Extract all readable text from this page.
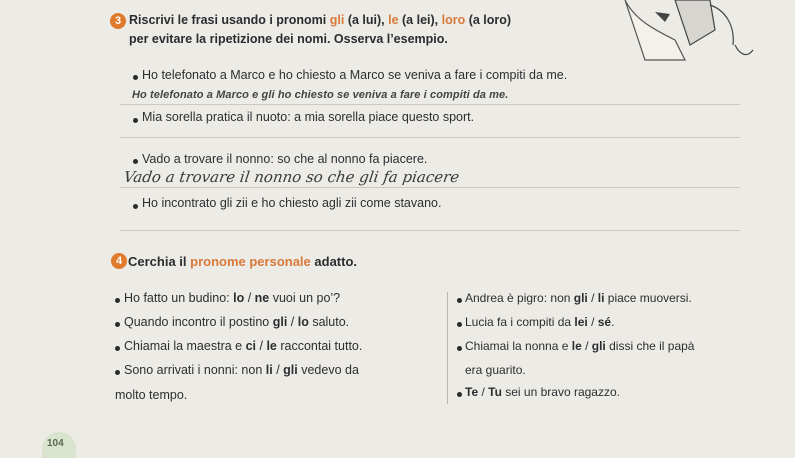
3 Riscrivi le frasi usando i pronomi gli (a lui), le (a lei), loro (a loro)
per evitare la ripetizione dei nomi. Osserva l’esempio.
Ho telefonato a Marco e ho chiesto a Marco se veniva a fare i compiti da me.
Ho telefonato a Marco e gli ho chiesto se veniva a fare i compiti da me.
Mia sorella pratica il nuoto: a mia sorella piace questo sport.
Vado a trovare il nonno: so che al nonno fa piacere.
Vado a trovare il nonno so che gli fa piacere
Ho incontrato gli zii e ho chiesto agli zii come stavano.
4 Cerchia il pronome personale adatto.
Ho fatto un budino: lo / ne vuoi un po’?
Quando incontro il postino gli / lo saluto.
Chiamai la maestra e ci / le raccontai tutto.
Sono arrivati i nonni: non li / gli vedevo da
molto tempo.
Andrea è pigro: non gli / li piace muoversi.
Lucia fa i compiti da lei / sé.
Chiamai la nonna e le / gli dissi che il papà
era guarito.
Te / Tu sei un bravo ragazzo.
104
